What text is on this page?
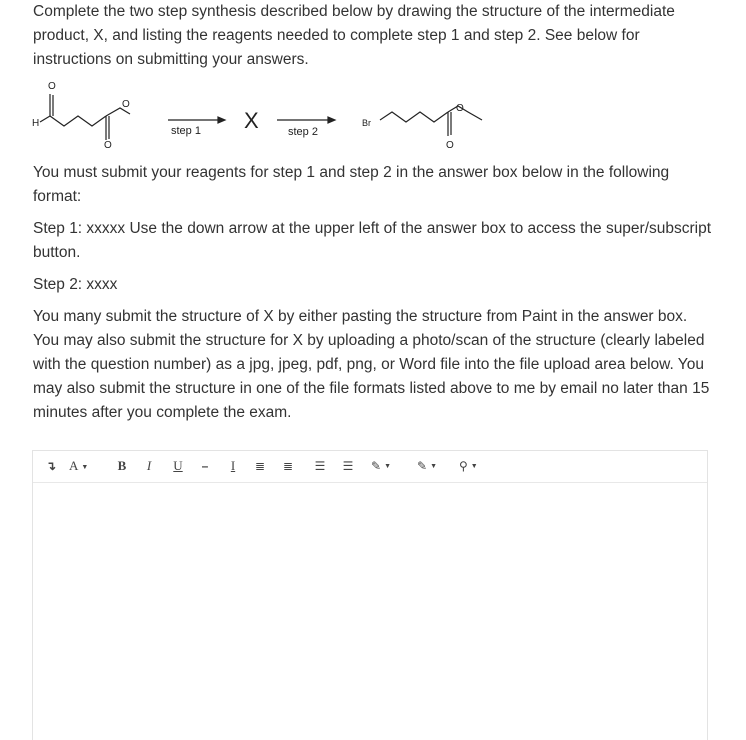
Complete the two step synthesis described below by drawing the structure of the intermediate product, X, and listing the reagents needed to complete step 1 and step 2. See below for instructions on submitting your answers.

H
O
O
O
step 1 X	step 2
Br
O
O

You must submit your reagents for step 1 and step 2 in the answer box below in the following format:

Step 1: xxxxx Use the down arrow at the upper left of the answer box to access the super/subscript button.

Step 2: xxxx

You many submit the structure of X by either pasting the structure from Paint in the answer box. You may also submit the structure for X by uploading a photo/scan of the structure (clearly labeled with the question number) as a jpg, jpeg, pdf, png, or Word file into the file upload area below. You may also submit the structure in one of the file formats listed above to me by email no later than 15 minutes after you complete the exam.

↴ A ▼	B I U – I	≣ ≣ ☰ ☰ ✎ ▼	✎ ▼	⚲ ▼
